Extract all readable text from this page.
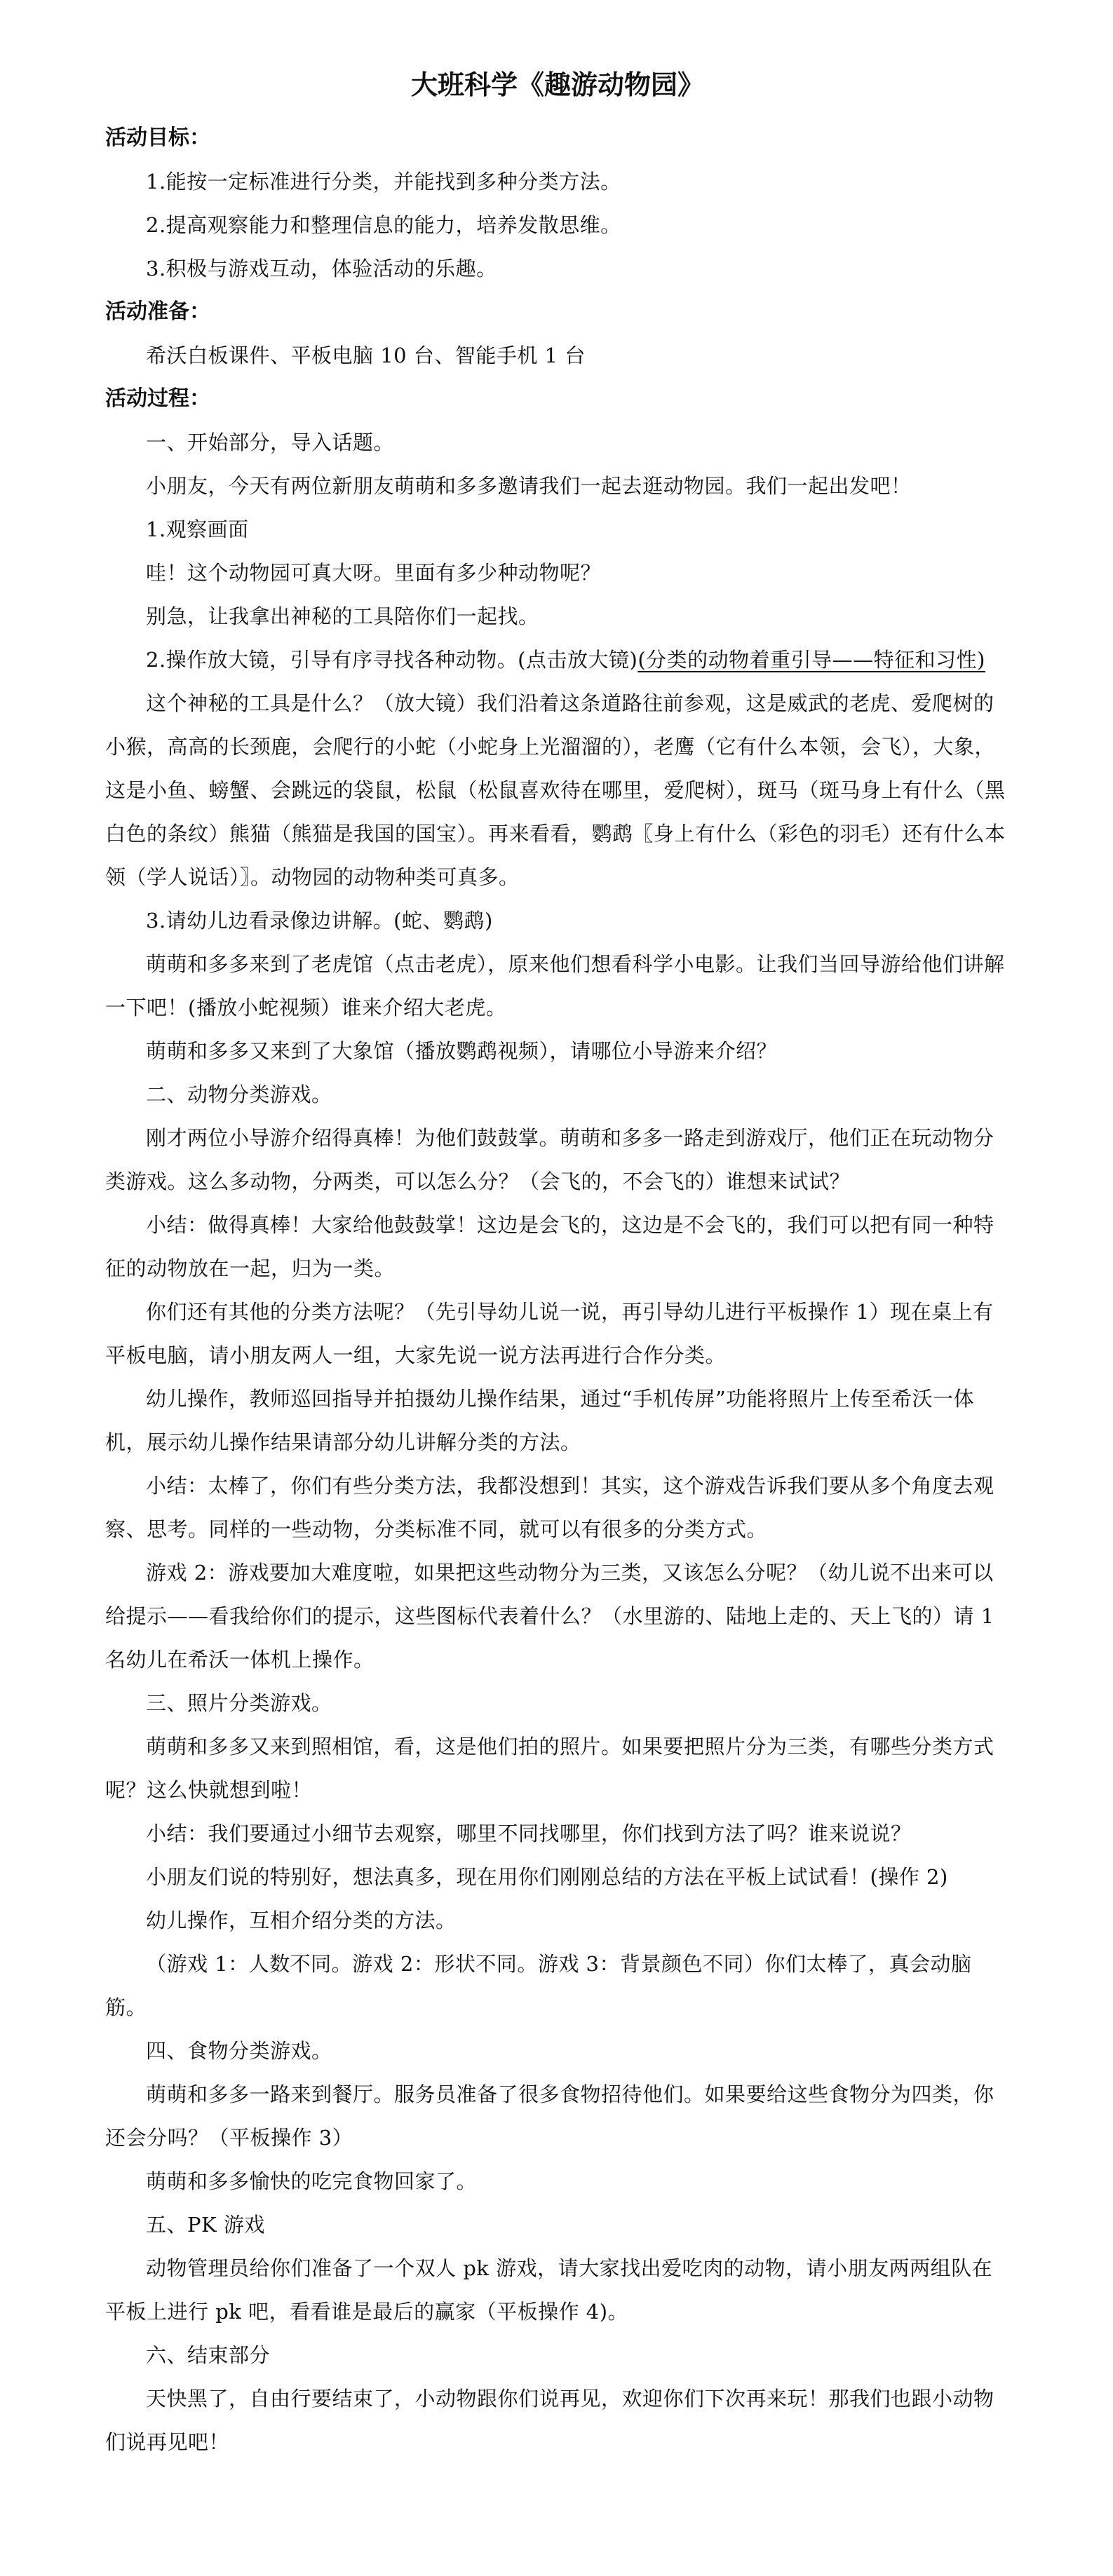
大班科学《趣游动物园》

活动目标：

1.能按一定标准进行分类，并能找到多种分类方法。

2.提高观察能力和整理信息的能力，培养发散思维。

3.积极与游戏互动，体验活动的乐趣。

活动准备：

希沃白板课件、平板电脑 10 台、智能手机 1 台

活动过程：

一、开始部分，导入话题。

小朋友，今天有两位新朋友萌萌和多多邀请我们一起去逛动物园。我们一起出发吧！

1.观察画面

哇！这个动物园可真大呀。里面有多少种动物呢？

别急，让我拿出神秘的工具陪你们一起找。

2.操作放大镜，引导有序寻找各种动物。(点击放大镜)(分类的动物着重引导——特征和习性)

这个神秘的工具是什么？（放大镜）我们沿着这条道路往前参观，这是威武的老虎、爱爬树的小猴，高高的长颈鹿，会爬行的小蛇（小蛇身上光溜溜的），老鹰（它有什么本领，会飞），大象，这是小鱼、螃蟹、会跳远的袋鼠，松鼠（松鼠喜欢待在哪里，爱爬树），斑马（斑马身上有什么（黑白色的条纹）熊猫（熊猫是我国的国宝）。再来看看，鹦鹉〖身上有什么（彩色的羽毛）还有什么本领（学人说话）〗。动物园的动物种类可真多。

3.请幼儿边看录像边讲解。(蛇、鹦鹉)

萌萌和多多来到了老虎馆（点击老虎），原来他们想看科学小电影。让我们当回导游给他们讲解一下吧！(播放小蛇视频）谁来介绍大老虎。

萌萌和多多又来到了大象馆（播放鹦鹉视频），请哪位小导游来介绍？

二、动物分类游戏。

刚才两位小导游介绍得真棒！为他们鼓鼓掌。萌萌和多多一路走到游戏厅，他们正在玩动物分类游戏。这么多动物，分两类，可以怎么分？（会飞的，不会飞的）谁想来试试？

小结：做得真棒！大家给他鼓鼓掌！这边是会飞的，这边是不会飞的，我们可以把有同一种特征的动物放在一起，归为一类。

你们还有其他的分类方法呢？（先引导幼儿说一说，再引导幼儿进行平板操作 1）现在桌上有平板电脑，请小朋友两人一组，大家先说一说方法再进行合作分类。

幼儿操作，教师巡回指导并拍摄幼儿操作结果，通过“手机传屏”功能将照片上传至希沃一体机，展示幼儿操作结果请部分幼儿讲解分类的方法。

小结：太棒了，你们有些分类方法，我都没想到！其实，这个游戏告诉我们要从多个角度去观察、思考。同样的一些动物，分类标准不同，就可以有很多的分类方式。

游戏 2：游戏要加大难度啦，如果把这些动物分为三类，又该怎么分呢？（幼儿说不出来可以给提示——看我给你们的提示，这些图标代表着什么？（水里游的、陆地上走的、天上飞的）请 1 名幼儿在希沃一体机上操作。

三、照片分类游戏。

萌萌和多多又来到照相馆，看，这是他们拍的照片。如果要把照片分为三类，有哪些分类方式呢？这么快就想到啦！

小结：我们要通过小细节去观察，哪里不同找哪里，你们找到方法了吗？谁来说说？

小朋友们说的特别好，想法真多，现在用你们刚刚总结的方法在平板上试试看！(操作 2)

幼儿操作，互相介绍分类的方法。

（游戏 1：人数不同。游戏 2：形状不同。游戏 3：背景颜色不同）你们太棒了，真会动脑筋。

四、食物分类游戏。

萌萌和多多一路来到餐厅。服务员准备了很多食物招待他们。如果要给这些食物分为四类，你还会分吗？（平板操作 3）

萌萌和多多愉快的吃完食物回家了。

五、PK 游戏

动物管理员给你们准备了一个双人 pk 游戏，请大家找出爱吃肉的动物，请小朋友两两组队在平板上进行 pk 吧，看看谁是最后的赢家（平板操作 4)。

六、结束部分

天快黑了，自由行要结束了，小动物跟你们说再见，欢迎你们下次再来玩！那我们也跟小动物们说再见吧！
